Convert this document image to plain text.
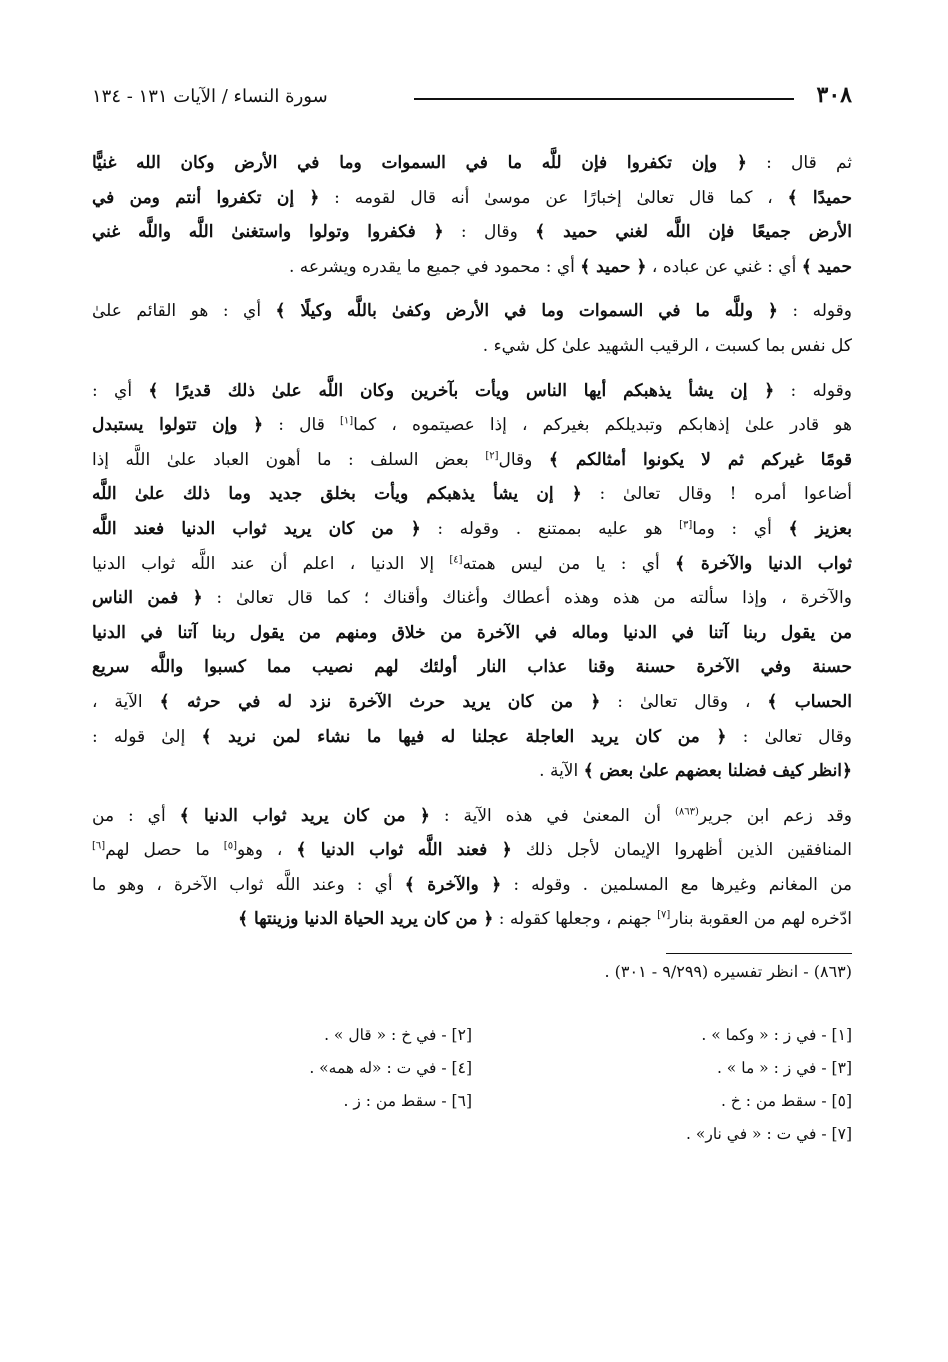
٣٠٨
سورة النساء / الآيات ١٣١ - ١٣٤

ثم قال : ﴿ وإن تكفروا فإن للَّه ما في السموات وما في الأرض وكان الله غنيًّا
حميدًا ﴾ ، كما قال تعالىٰ إخبارًا عن موسىٰ أنه قال لقومه : ﴿ إن تكفروا أنتم ومن في
الأرض جميعًا فإن اللَّه لغني حميد ﴾ وقال : ﴿ فكفروا وتولوا واستغنىٰ اللَّه واللَّه غني
حميد ﴾ أي : غني عن عباده ، ﴿ حميد ﴾ أي : محمود في جميع ما يقدره ويشرعه .

وقوله : ﴿ وللَّه ما في السموات وما في الأرض وكفىٰ باللَّه وكيلًا ﴾ أي : هو القائم علىٰ
كل نفس بما كسبت ، الرقيب الشهيد علىٰ كل شيء .

وقوله : ﴿ إن يشأ يذهبكم أيها الناس ويأت بآخرين وكان اللَّه علىٰ ذلك قديرًا ﴾ أي :
هو قادر علىٰ إذهابكم وتبديلكم بغيركم ، إذا عصيتموه ، كما[١] قال : ﴿ وإن تتولوا يستبدل
قومًا غيركم ثم لا يكونوا أمثالكم ﴾ وقال[٢] بعض السلف : ما أهون العباد علىٰ اللَّه إذا
أضاعوا أمره ! وقال تعالىٰ : ﴿ إن يشأ يذهبكم ويأت بخلق جديد وما ذلك علىٰ اللَّه
بعزيز ﴾ أي : وما[٣] هو عليه بممتنع . وقوله : ﴿ من كان يريد ثواب الدنيا فعند اللَّه
ثواب الدنيا والآخرة ﴾ أي : يا من ليس همته[٤] إلا الدنيا ، اعلم أن عند اللَّه ثواب الدنيا
والآخرة ، وإذا سألته من هذه وهذه أعطاك وأغناك وأقناك ؛ كما قال تعالىٰ : ﴿ فمن الناس
من يقول ربنا آتنا في الدنيا وماله في الآخرة من خلاق ومنهم من يقول ربنا آتنا في الدنيا
حسنة وفي الآخرة حسنة وقنا عذاب النار أولئك لهم نصيب مما كسبوا واللَّه سريع
الحساب ﴾ ، وقال تعالىٰ : ﴿ من كان يريد حرث الآخرة نزد له في حرثه ﴾ الآية ،
وقال تعالىٰ : ﴿ من كان يريد العاجلة عجلنا له فيها ما نشاء لمن نريد ﴾ إلىٰ قوله :
﴿انظر كيف فضلنا بعضهم علىٰ بعض ﴾ الآية .

وقد زعم ابن جرير$^{(٨٦٣)}$ أن المعنىٰ في هذه الآية : ﴿ من كان يريد ثواب الدنيا ﴾ أي : من
المنافقين الذين أظهروا الإيمان لأجل ذلك ﴿ فعند اللَّه ثواب الدنيا ﴾ ، وهو[٥] ما حصل لهم[٦]
من المغانم وغيرها مع المسلمين . وقوله : ﴿ والآخرة ﴾ أي : وعند اللَّه ثواب الآخرة ، وهو ما
ادّخره لهم من العقوبة بنار[٧] جهنم ، وجعلها كقوله : ﴿ من كان يريد الحياة الدنيا وزينتها ﴾

(٨٦٣) - انظر تفسيره (٩/٢٩٩ - ٣٠١) .
[١] - في ز : « وكما » .
[٣] - في ز : « ما » .
[٥] - سقط من : خ .
[٧] - في ت : « في نار» .
[٢] - في خ : « قال » .
[٤] - في ت : «له همه» .
[٦] - سقط من : ز .
